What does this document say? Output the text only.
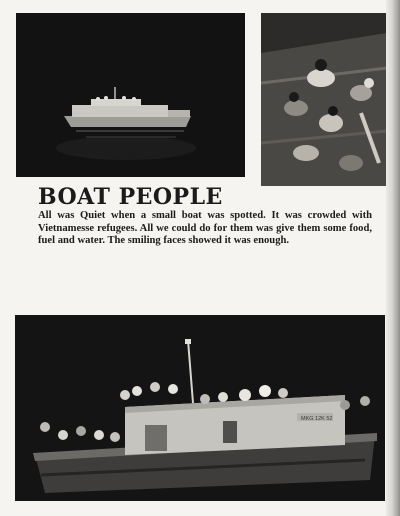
BOAT PEOPLE

All was Quiet when a small boat was spotted. It was crowded with Vietnamesse refugees. All we could do for them was give them some food, fuel and water. The smiling faces showed it was enough.

MKG 12K 52
